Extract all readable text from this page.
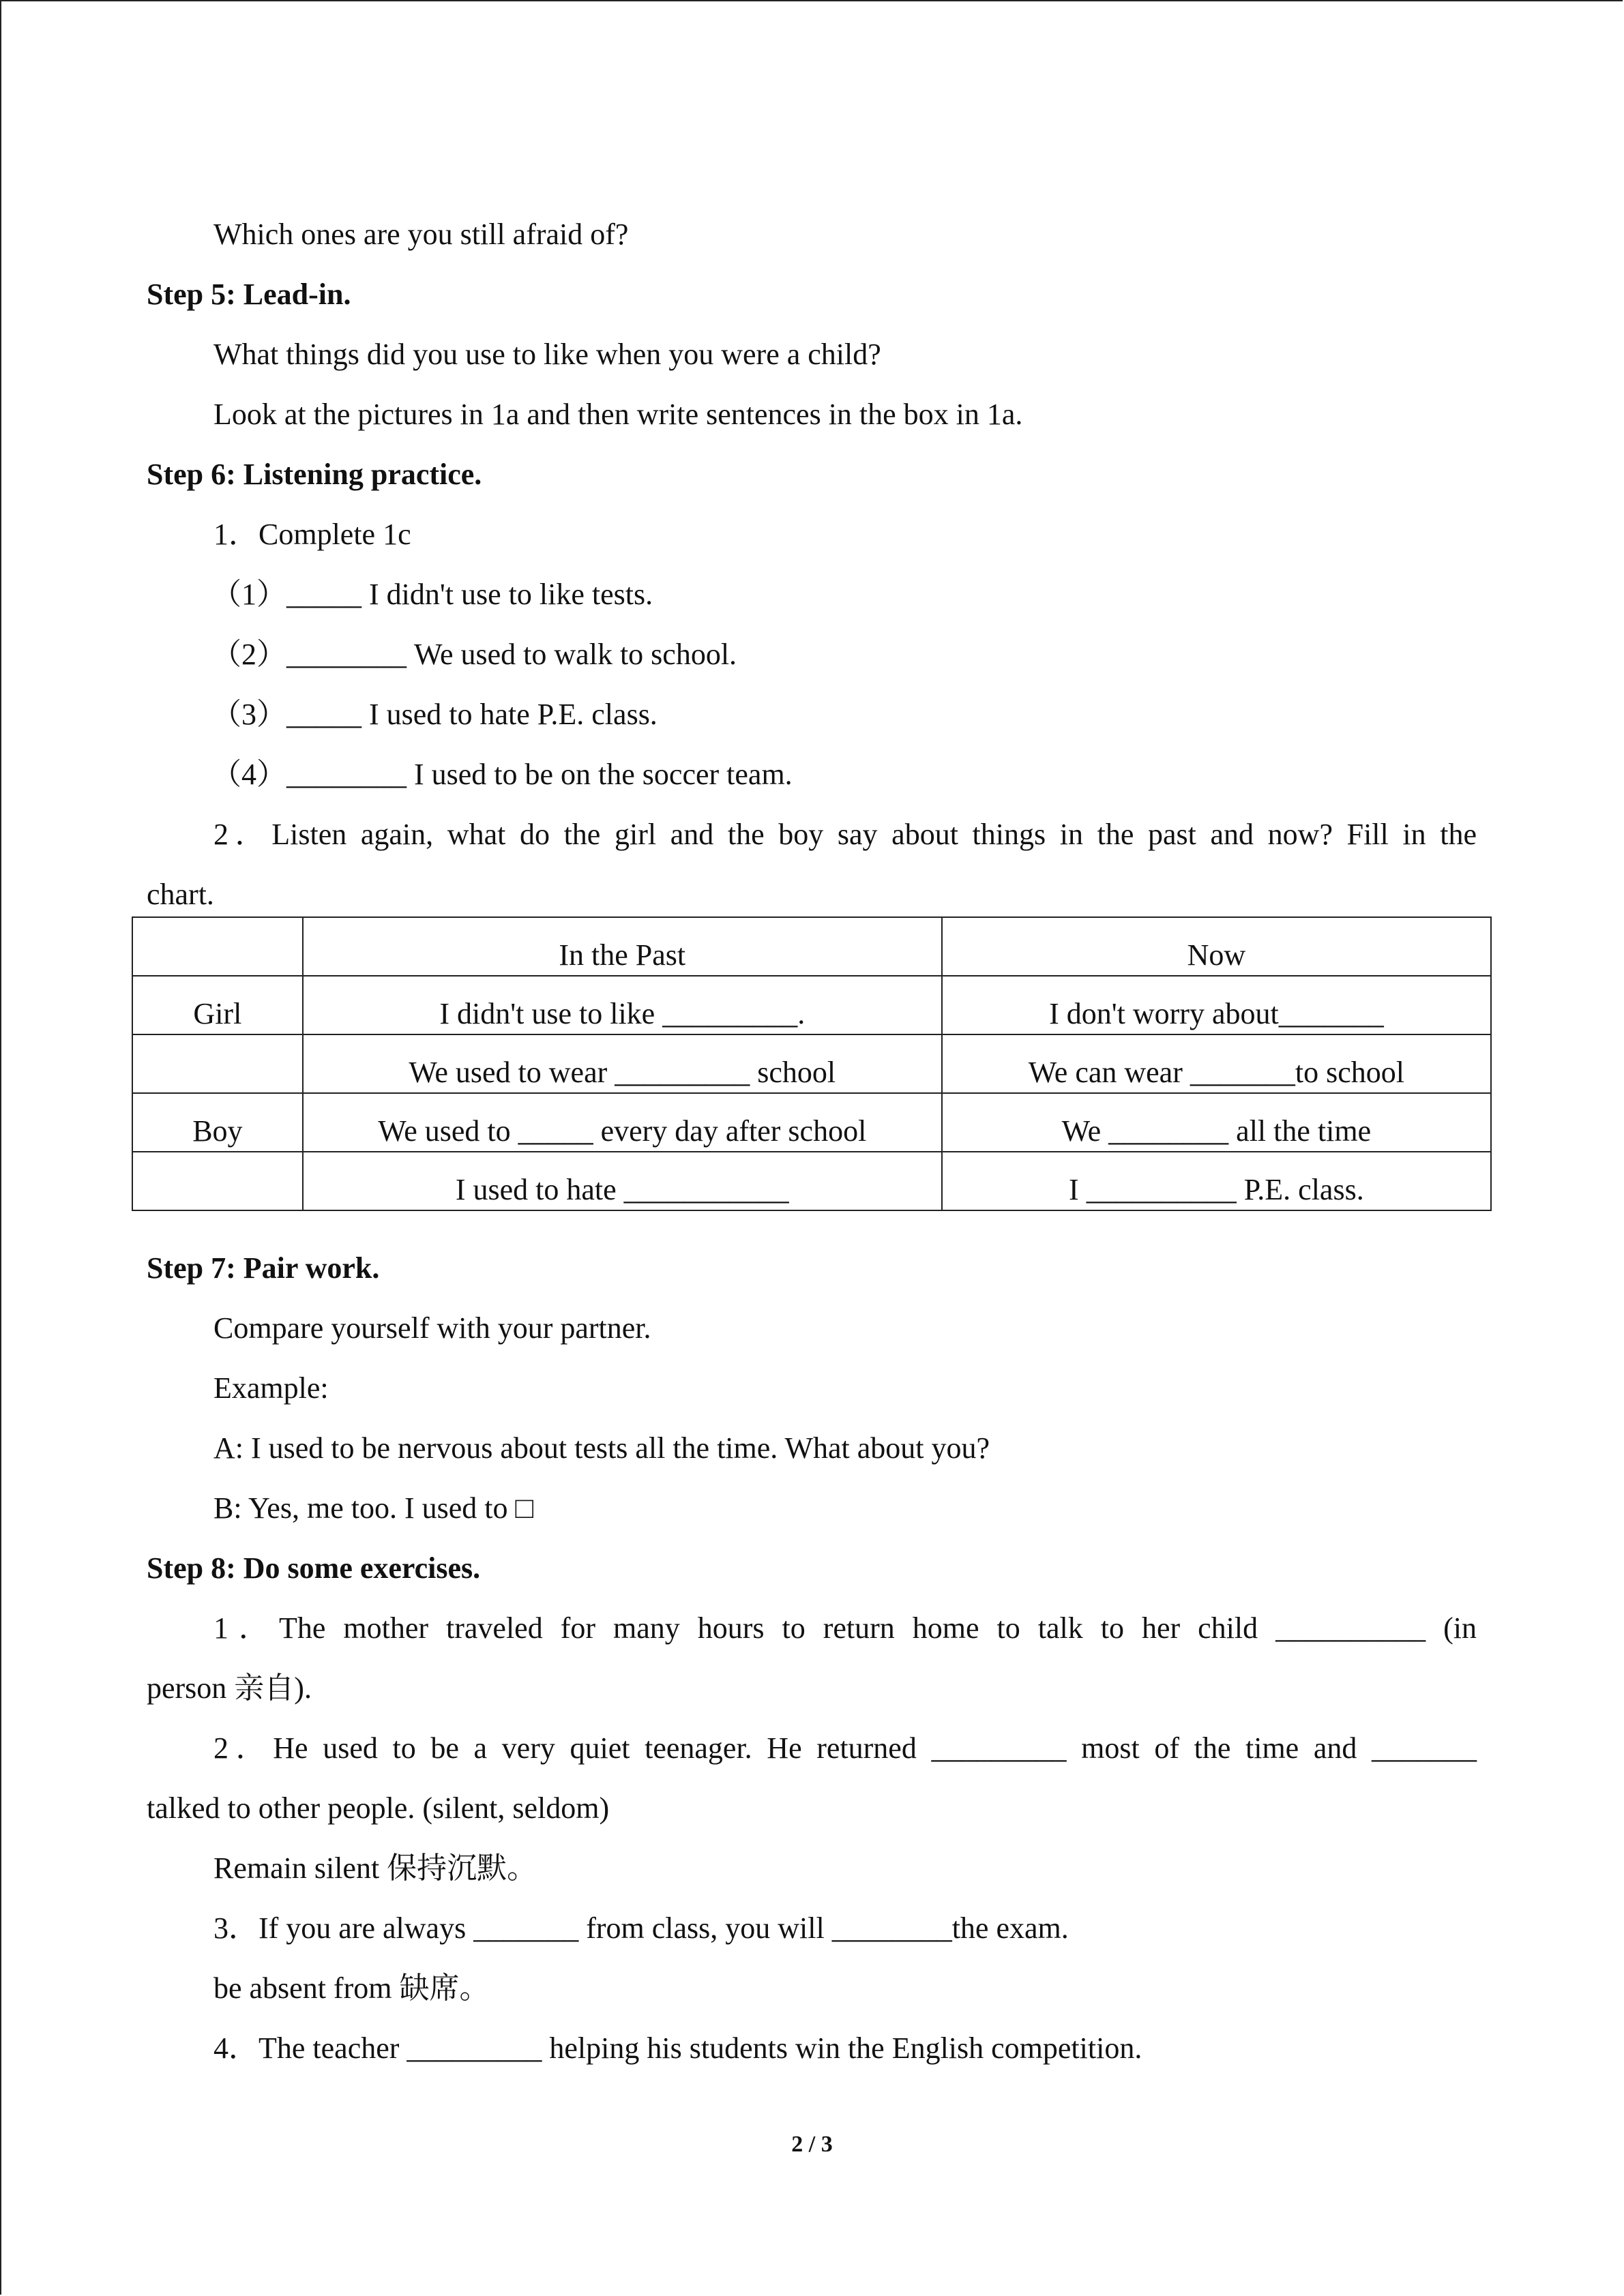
Which ones are you still afraid of?
Step 5: Lead-in.
What things did you use to like when you were a child?
Look at the pictures in 1a and then write sentences in the box in 1a.
Step 6: Listening practice.
1．Complete 1c
（1）_____ I didn't use to like tests.
（2）________ We used to walk to school.
（3）_____ I used to hate P.E. class.
（4）________ I used to be on the soccer team.
2．Listen again, what do the girl and the boy say about things in the past and now? Fill in the
chart.
	In the Past	Now
Girl	I didn't use to like _________.	I don't worry about_______
	We used to wear _________ school	We can wear _______to school
Boy	We used to _____ every day after school	We ________ all the time
	I used to hate ___________	I __________ P.E. class.
Step 7: Pair work.
Compare yourself with your partner.
Example:
A: I used to be nervous about tests all the time. What about you?
B: Yes, me too. I used to □
Step 8: Do some exercises.
1．The mother traveled for many hours to return home to talk to her child __________ (in
person 亲自).
2．He used to be a very quiet teenager. He returned _________ most of the time and _______
talked to other people. (silent, seldom)
Remain silent 保持沉默。
3．If you are always _______ from class, you will ________the exam.
be absent from 缺席。
4．The teacher _________ helping his students win the English competition.
2 / 3
